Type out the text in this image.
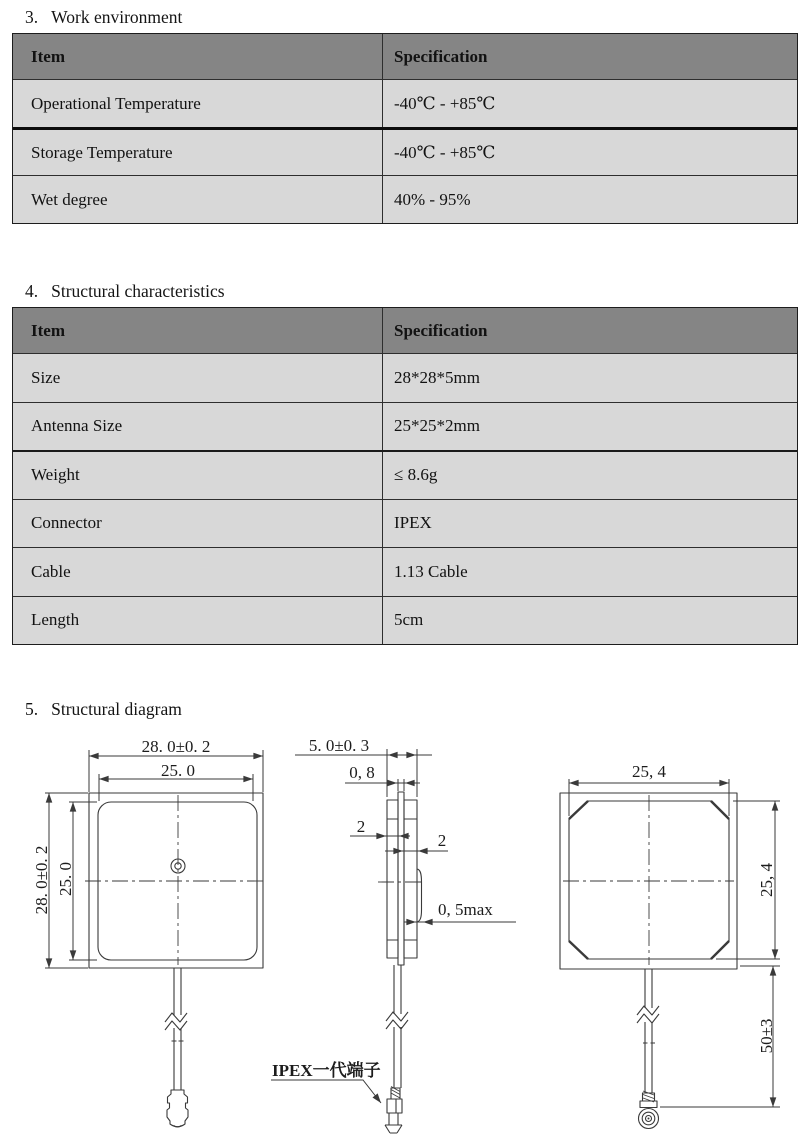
3. Work environment
Item	Specification
Operational Temperature	-40℃ - +85℃
Storage Temperature	-40℃ - +85℃
Wet degree	40% - 95%
4. Structural characteristics
Item	Specification
Size	28*28*5mm
Antenna Size	25*25*2mm
Weight	≤ 8.6g
Connector	IPEX
Cable	1.13 Cable
Length	5cm
5. Structural diagram
28. 0±0. 2
25. 0
28. 0±0. 2 25. 0
5. 0±0. 3
0, 8
2
2
0, 5max
IPEX一代端子
25, 4
25, 4
50±3
